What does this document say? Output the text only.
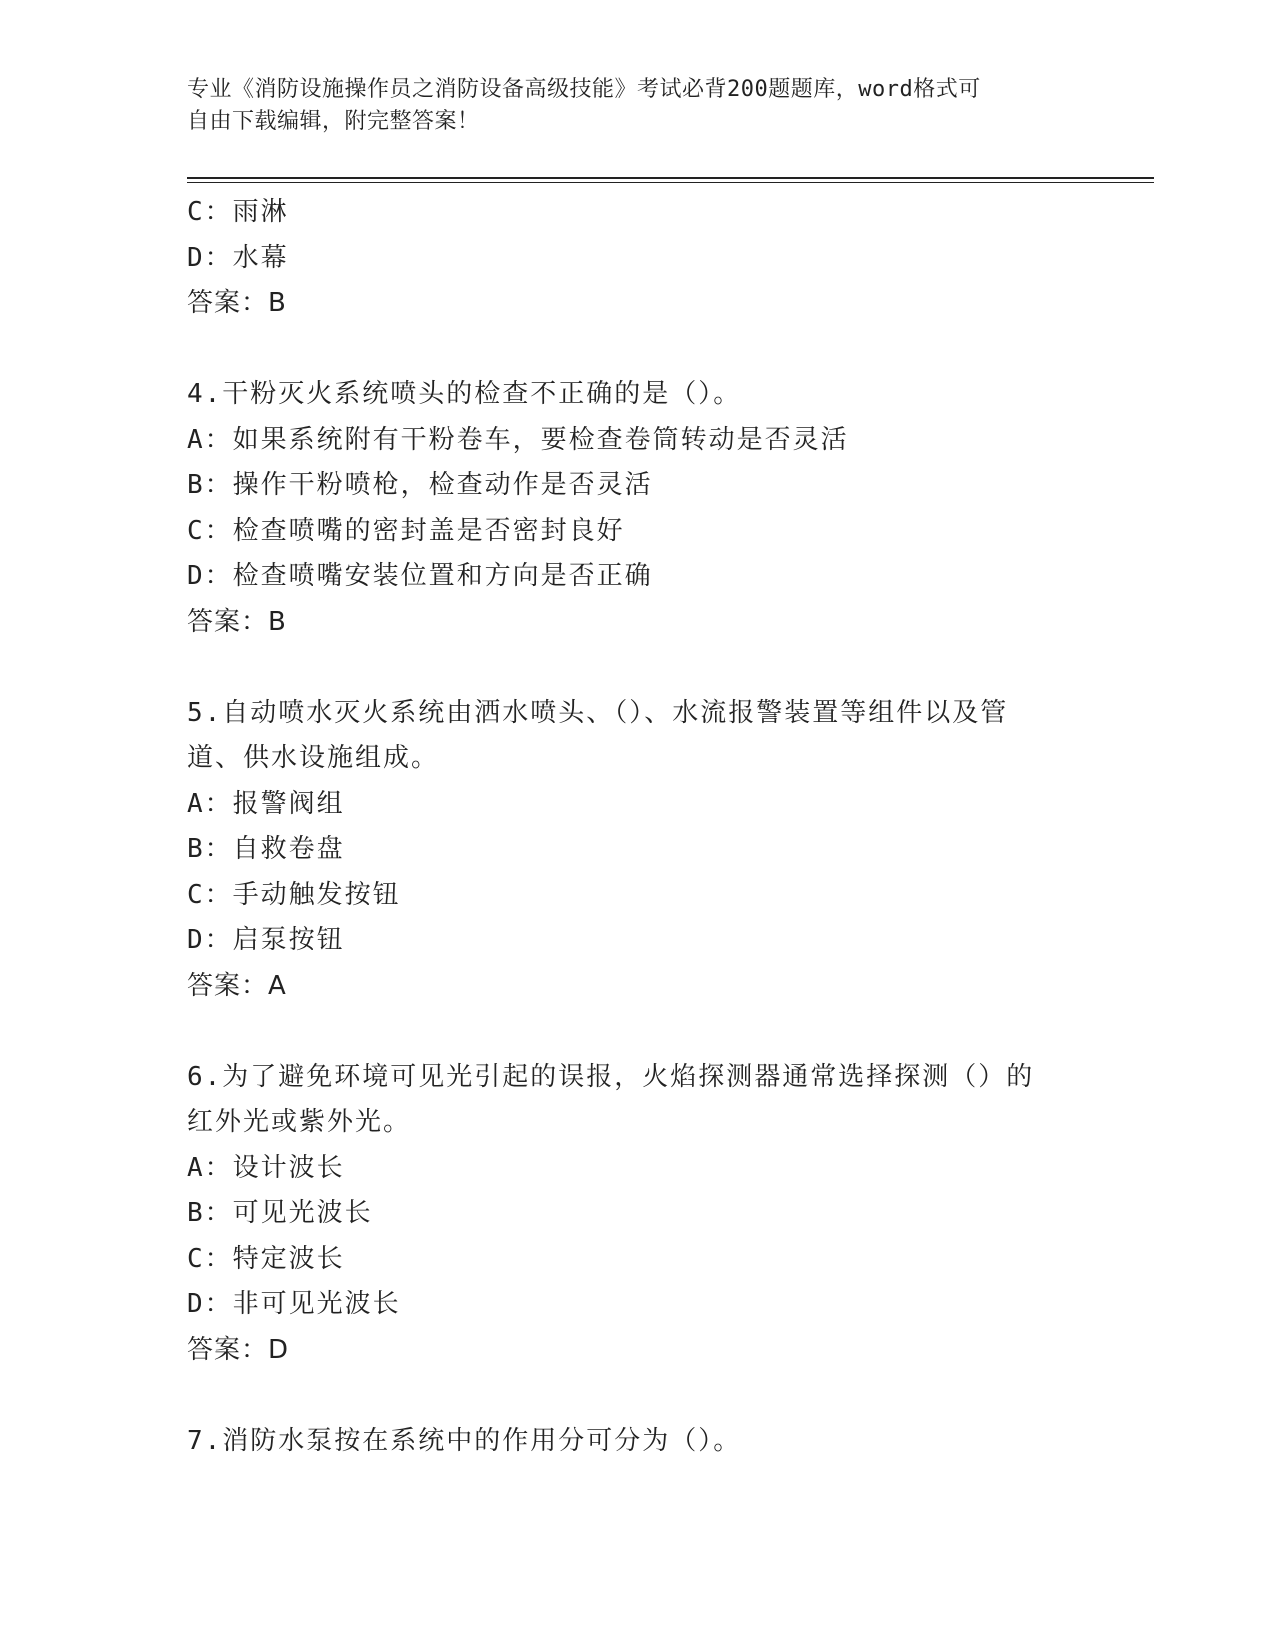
专业《消防设施操作员之消防设备高级技能》考试必背200题题库，word格式可
自由下载编辑，附完整答案！
C：雨淋
D：水幕
答案：B
4.干粉灭火系统喷头的检查不正确的是（）。
A：如果系统附有干粉卷车，要检查卷筒转动是否灵活
B：操作干粉喷枪，检查动作是否灵活
C：检查喷嘴的密封盖是否密封良好
D：检查喷嘴安装位置和方向是否正确
答案：B
5.自动喷水灭火系统由洒水喷头、（）、水流报警装置等组件以及管
道、供水设施组成。
A：报警阀组
B：自救卷盘
C：手动触发按钮
D：启泵按钮
答案：A
6.为了避免环境可见光引起的误报，火焰探测器通常选择探测（）的
红外光或紫外光。
A：设计波长
B：可见光波长
C：特定波长
D：非可见光波长
答案：D
7.消防水泵按在系统中的作用分可分为（）。
